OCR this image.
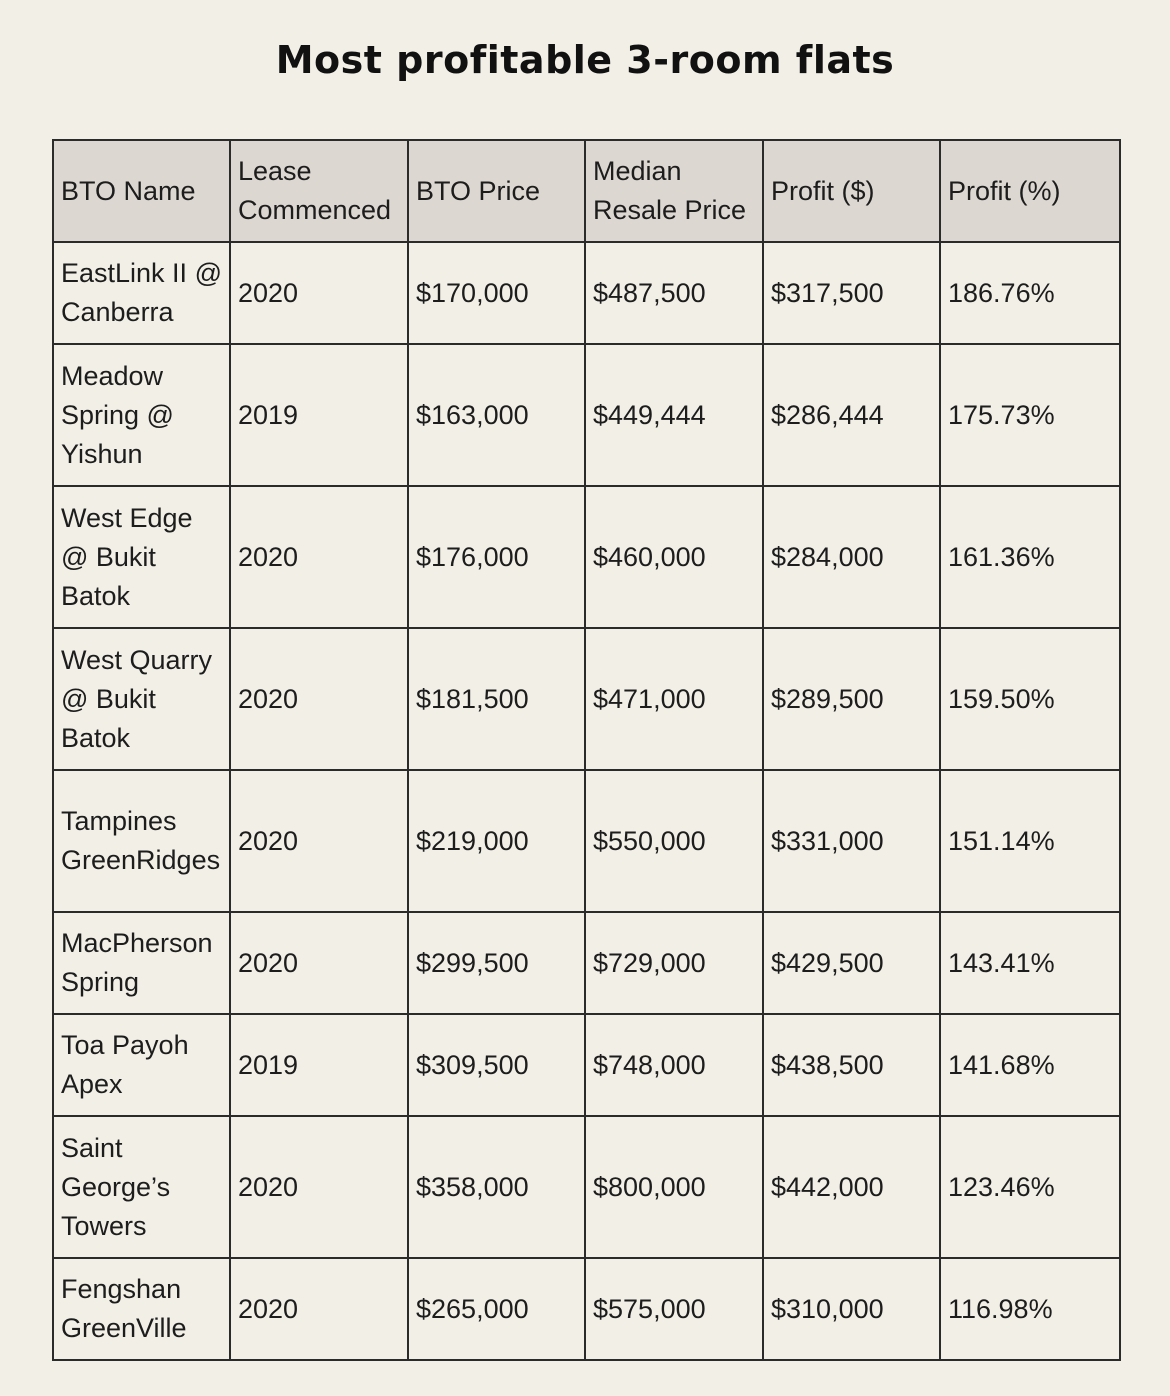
Most profitable 3-room flats
BTO Name	Lease Commenced	BTO Price	Median Resale Price	Profit ($)	Profit (%)
EastLink II @ Canberra	2020	$170,000	$487,500	$317,500	186.76%
Meadow Spring @ Yishun	2019	$163,000	$449,444	$286,444	175.73%
West Edge @ Bukit Batok	2020	$176,000	$460,000	$284,000	161.36%
West Quarry @ Bukit Batok	2020	$181,500	$471,000	$289,500	159.50%
Tampines GreenRidges	2020	$219,000	$550,000	$331,000	151.14%
MacPherson Spring	2020	$299,500	$729,000	$429,500	143.41%
Toa Payoh Apex	2019	$309,500	$748,000	$438,500	141.68%
Saint George’s Towers	2020	$358,000	$800,000	$442,000	123.46%
Fengshan GreenVille	2020	$265,000	$575,000	$310,000	116.98%
